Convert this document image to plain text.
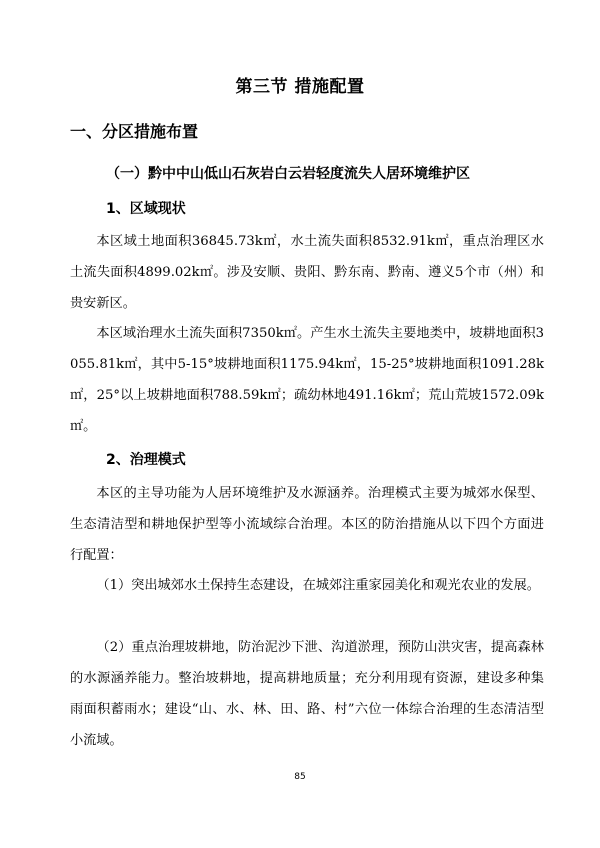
第三节 措施配置
一、分区措施布置
（一）黔中中山低山石灰岩白云岩轻度流失人居环境维护区
1、区域现状

本区域土地面积36845.73k㎡，水土流失面积8532.91k㎡，重点治理区水土流失面积4899.02k㎡。涉及安顺、贵阳、黔东南、黔南、遵义5个市（州）和贵安新区。

本区域治理水土流失面积7350k㎡。产生水土流失主要地类中，坡耕地面积3055.81k㎡，其中5-15°坡耕地面积1175.94k㎡，15-25°坡耕地面积1091.28k㎡，25°以上坡耕地面积788.59k㎡；疏幼林地491.16k㎡；荒山荒坡1572.09k㎡。

2、治理模式

本区的主导功能为人居环境维护及水源涵养。治理模式主要为城郊水保型、生态清洁型和耕地保护型等小流域综合治理。本区的防治措施从以下四个方面进行配置：

（1）突出城郊水土保持生态建设，在城郊注重家园美化和观光农业的发展。

（2）重点治理坡耕地，防治泥沙下泄、沟道淤理，预防山洪灾害，提高森林的水源涵养能力。整治坡耕地，提高耕地质量；充分利用现有资源，建设多种集雨面积蓄雨水；建设“山、水、林、田、路、村”六位一体综合治理的生态清洁型小流域。

85
